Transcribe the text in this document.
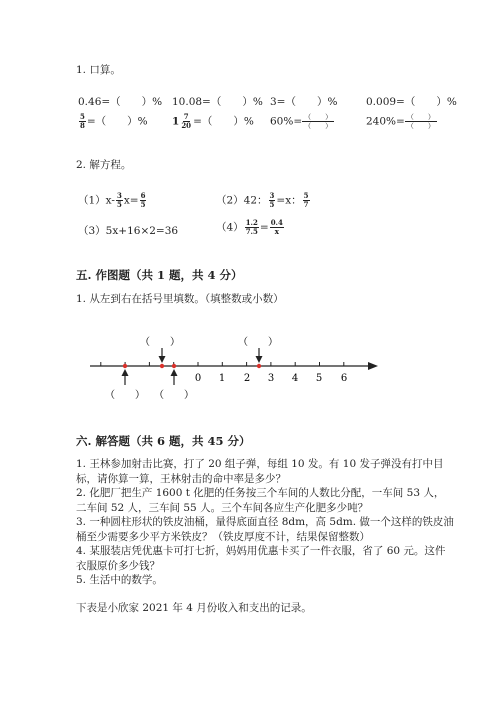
1. 口算。
0.46=（　　）% 10.08=（　　）% 3=（　　）%	0.009=（　　）%
$\frac{5}{8}$ =（　　）% $1 \frac{7}{20}$ =（　　）% $60\%= \frac{( )}{( )}$	$240\%= \frac{( )}{( )}$
2. 解方程。
$(1)x- \frac{3}{5} x= \frac{6}{5}$	（2）42： $\frac{3}{5} =x$： $\frac{5}{7}$
（3）5x+16×2=36	$(4) \frac{1.2}{7.5} = \frac{0.4}{x}$
五. 作图题（共 1 题，共 4 分）
1. 从左到右在括号里填数。（填整数或小数）
0 1 2 3 4 5 6
（　　）	（　　）
（　　） （　　）
六. 解答题（共 6 题，共 45 分）
1. 王林参加射击比赛，打了 20 组子弹，每组 10 发。有 10 发子弹没有打中目
标，请你算一算，王林射击的命中率是多少？
2. 化肥厂把生产 1600 t 化肥的任务按三个车间的人数比分配，一车间 53 人，
二车间 52 人，三车间 55 人。三个车间各应生产化肥多少吨？
3. 一种圆柱形状的铁皮油桶，量得底面直径 8dm，高 5dm. 做一个这样的铁皮油
桶至少需要多少平方米铁皮？（铁皮厚度不计，结果保留整数）
4. 某服装店凭优惠卡可打七折，妈妈用优惠卡买了一件衣服，省了 60 元。这件
衣服原价多少钱？
5. 生活中的数学。
下表是小欣家 2021 年 4 月份收入和支出的记录。
